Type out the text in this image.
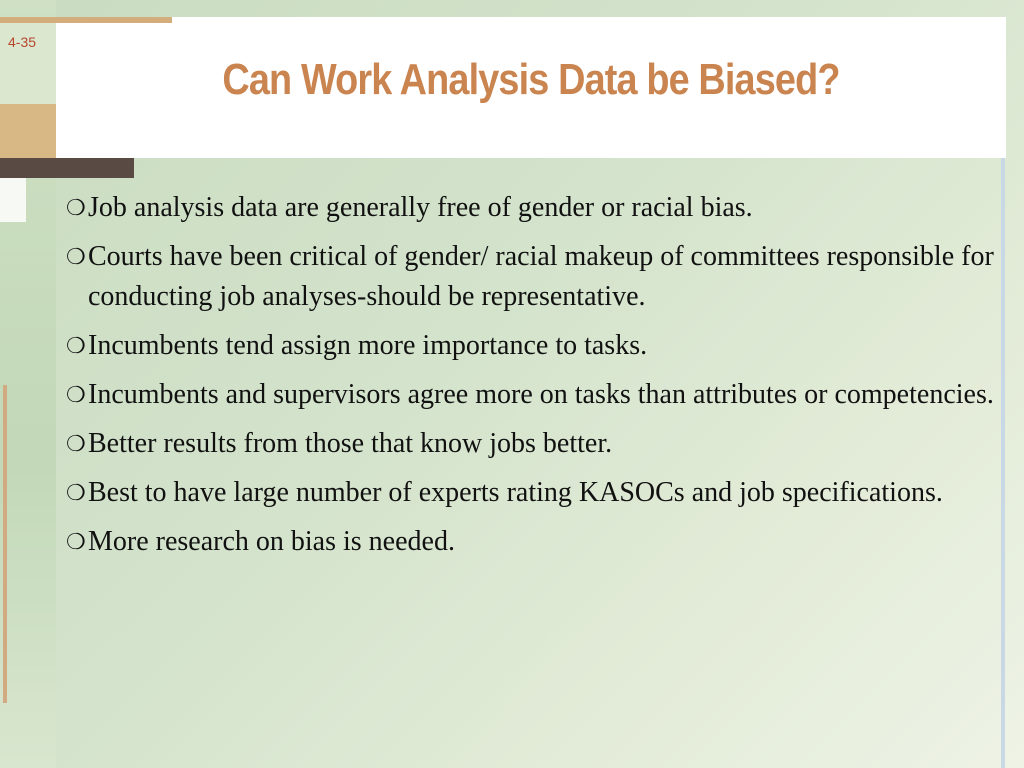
4-35
Can Work Analysis Data be Biased?
❍ Job analysis data are generally free of gender or racial bias.
❍ Courts have been critical of gender/ racial makeup of committees responsible for conducting job analyses-should be representative.
❍ Incumbents tend assign more importance to tasks.
❍ Incumbents and supervisors agree more on tasks than attributes or competencies.
❍ Better results from those that know jobs better.
❍ Best to have large number of experts rating KASOCs and job specifications.
❍ More research on bias is needed.
